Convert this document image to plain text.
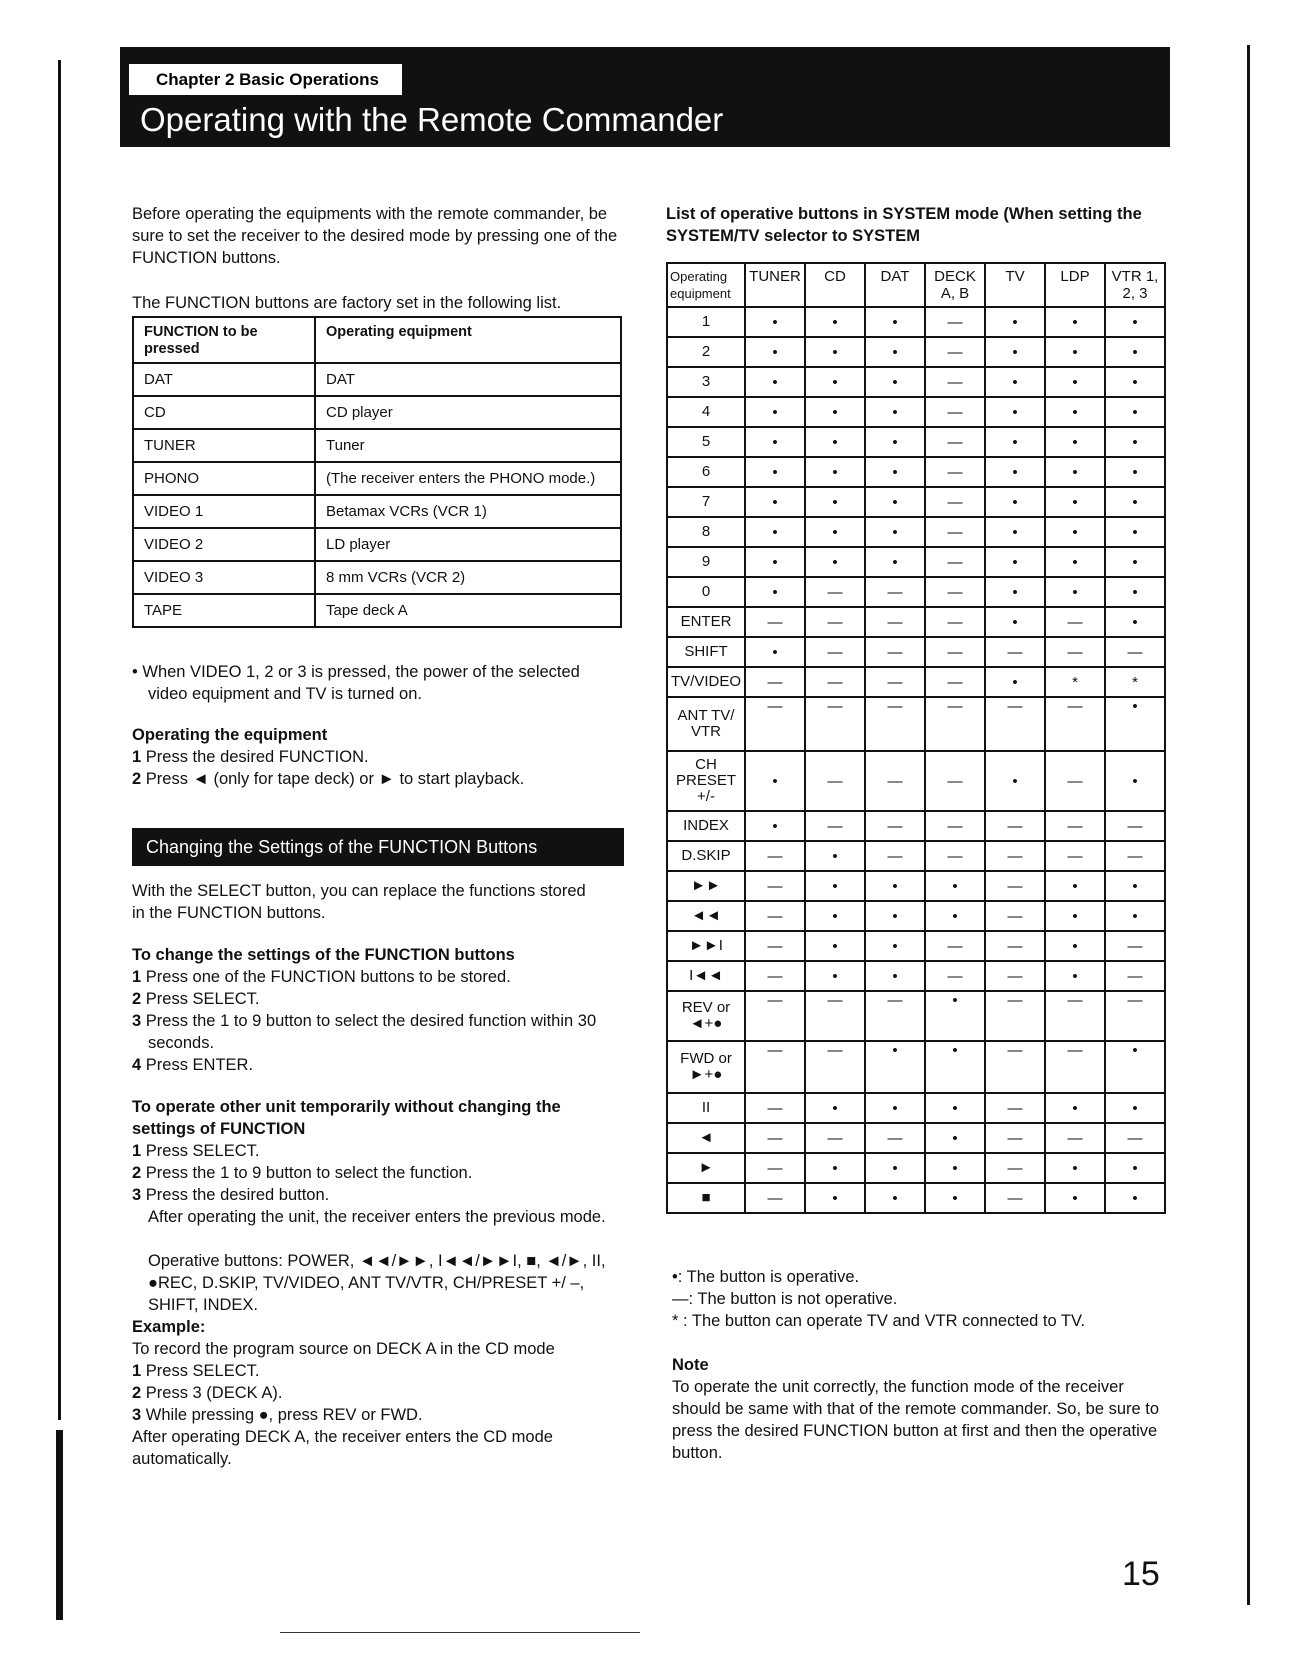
Chapter 2 Basic Operations
Operating with the Remote Commander
Before operating the equipments with the remote commander, be sure to set the receiver to the desired mode by pressing one of the FUNCTION buttons.
The FUNCTION buttons are factory set in the following list.
FUNCTION to be pressed	Operating equipment
DAT	DAT
CD	CD player
TUNER	Tuner
PHONO	(The receiver enters the PHONO mode.)
VIDEO 1	Betamax VCRs (VCR 1)
VIDEO 2	LD player
VIDEO 3	8 mm VCRs (VCR 2)
TAPE	Tape deck A
• When VIDEO 1, 2 or 3 is pressed, the power of the selected video equipment and TV is turned on.
Operating the equipment
1 Press the desired FUNCTION.
2 Press ◄ (only for tape deck) or ► to start playback.
Changing the Settings of the FUNCTION Buttons
With the SELECT button, you can replace the functions stored in the FUNCTION buttons.
To change the settings of the FUNCTION buttons
1 Press one of the FUNCTION buttons to be stored.
2 Press SELECT.
3 Press the 1 to 9 button to select the desired function within 30 seconds.
4 Press ENTER.
To operate other unit temporarily without changing the settings of FUNCTION
1 Press SELECT.
2 Press the 1 to 9 button to select the function.
3 Press the desired button.
After operating the unit, the receiver enters the previous mode.
Operative buttons: POWER, ◄◄/►►, I◄◄/►►I, ■, ◄/►, II, ●REC, D.SKIP, TV/VIDEO, ANT TV/VTR, CH/PRESET +/ –, SHIFT, INDEX.
Example:
To record the program source on DECK A in the CD mode
1 Press SELECT.
2 Press 3 (DECK A).
3 While pressing ●, press REV or FWD.
After operating DECK A, the receiver enters the CD mode automatically.
List of operative buttons in SYSTEM mode (When setting the SYSTEM/TV selector to SYSTEM
Operating equipment	TUNER	CD	DAT	DECK A, B	TV	LDP	VTR 1, 2, 3
1	•	•	•	—	•	•	•
2	•	•	•	—	•	•	•
3	•	•	•	—	•	•	•
4	•	•	•	—	•	•	•
5	•	•	•	—	•	•	•
6	•	•	•	—	•	•	•
7	•	•	•	—	•	•	•
8	•	•	•	—	•	•	•
9	•	•	•	—	•	•	•
0	•	—	—	—	•	•	•
ENTER	—	—	—	—	•	—	•
SHIFT	•	—	—	—	—	—	—
TV/VIDEO	—	—	—	—	•	*	*
ANT TV/ VTR	—	—	—	—	—	—	•
CH PRESET +/-	•	—	—	—	•	—	•
INDEX	•	—	—	—	—	—	—
D.SKIP	—	•	—	—	—	—	—
►►	—	•	•	•	—	•	•
◄◄	—	•	•	•	—	•	•
►►I	—	•	•	—	—	•	—
I◄◄	—	•	•	—	—	•	—
REV or ◄+●	—	—	—	•	—	—	—
FWD or ►+●	—	—	•	•	—	—	•
II	—	•	•	•	—	•	•
◄	—	—	—	•	—	—	—
►	—	•	•	•	—	•	•
■	—	•	•	•	—	•	•
•: The button is operative.
—: The button is not operative.
* : The button can operate TV and VTR connected to TV.
Note
To operate the unit correctly, the function mode of the receiver should be same with that of the remote commander. So, be sure to press the desired FUNCTION button at first and then the operative button.
15
